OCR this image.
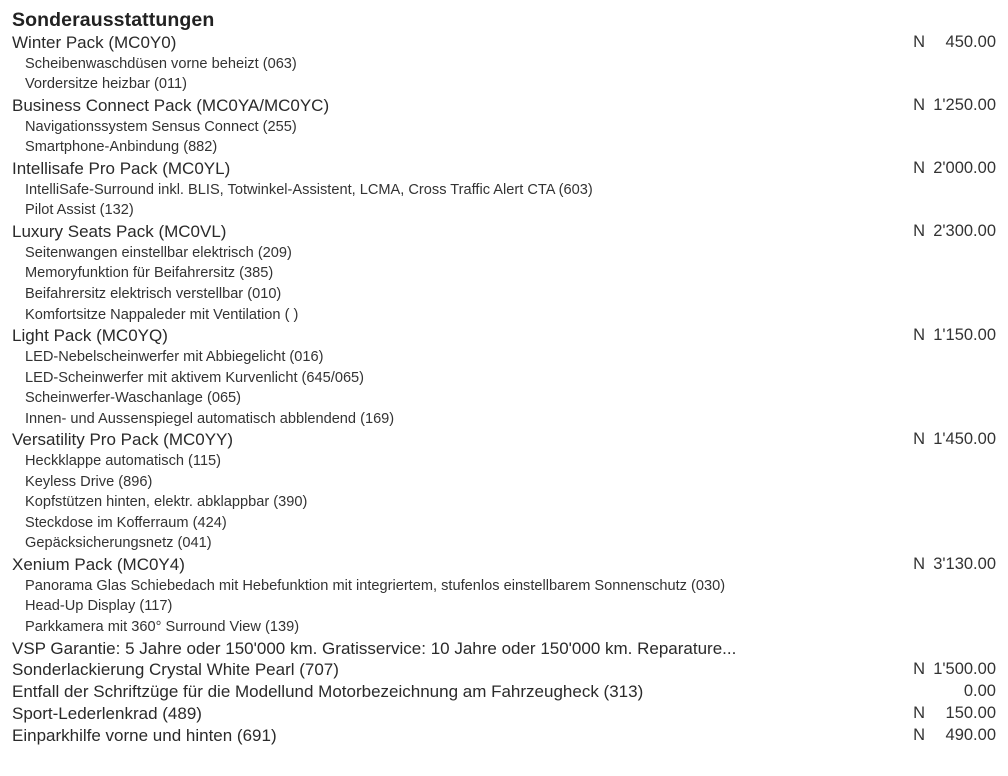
Sonderausstattungen
Winter Pack (MC0Y0)	N 450.00
Scheibenwaschdüsen vorne beheizt (063)
Vordersitze heizbar (011)
Business Connect Pack (MC0YA/MC0YC)	N 1'250.00
Navigationssystem Sensus Connect (255)
Smartphone-Anbindung (882)
Intellisafe Pro Pack (MC0YL)	N 2'000.00
IntelliSafe-Surround inkl. BLIS, Totwinkel-Assistent, LCMA, Cross Traffic Alert CTA (603)
Pilot Assist (132)
Luxury Seats Pack (MC0VL)	N 2'300.00
Seitenwangen einstellbar elektrisch (209)
Memoryfunktion für Beifahrersitz (385)
Beifahrersitz elektrisch verstellbar (010)
Komfortsitze Nappaleder mit Ventilation ( )
Light Pack (MC0YQ)	N 1'150.00
LED-Nebelscheinwerfer mit Abbiegelicht (016)
LED-Scheinwerfer mit aktivem Kurvenlicht (645/065)
Scheinwerfer-Waschanlage (065)
Innen- und Aussenspiegel automatisch abblendend (169)
Versatility Pro Pack (MC0YY)	N 1'450.00
Heckklappe automatisch (115)
Keyless Drive (896)
Kopfstützen hinten, elektr. abklappbar (390)
Steckdose im Kofferraum (424)
Gepäcksicherungsnetz (041)
Xenium Pack (MC0Y4)	N 3'130.00
Panorama Glas Schiebedach mit Hebefunktion mit integriertem, stufenlos einstellbarem Sonnenschutz (030)
Head-Up Display (117)
Parkkamera mit 360° Surround View (139)
VSP Garantie: 5 Jahre oder 150'000 km. Gratisservice: 10 Jahre oder 150'000 km. Reparature...
Sonderlackierung Crystal White Pearl (707)	N 1'500.00
Entfall der Schriftzüge für die Modellund Motorbezeichnung am Fahrzeugheck (313)	0.00
Sport-Lederlenkrad (489)	N 150.00
Einparkhilfe vorne und hinten (691)	N 490.00
